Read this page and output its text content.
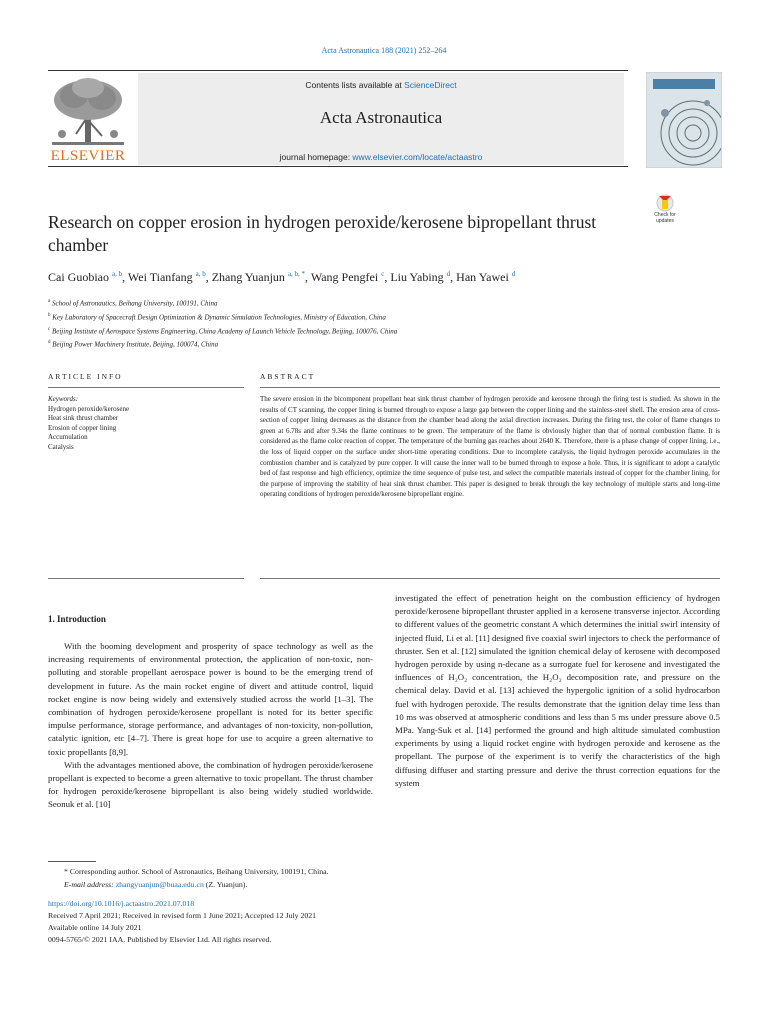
Acta Astronautica 188 (2021) 252–264
ELSEVIER
Contents lists available at ScienceDirect
Acta Astronautica
journal homepage: www.elsevier.com/locate/actaastro
Research on copper erosion in hydrogen peroxide/kerosene bipropellant thrust chamber
Check for
updates
Cai Guobiao $^{a, b}$, Wei Tianfang $^{a, b}$, Zhang Yuanjun $^{a, b, *}$, Wang Pengfei $^c$, Liu Yabing $^d$, Han Yawei $^d$
$^a$ School of Astronautics, Beihang University, 100191, China
$^b$ Key Laboratory of Spacecraft Design Optimization & Dynamic Simulation Technologies, Ministry of Education, China
$^c$ Beijing Institute of Aerospace Systems Engineering, China Academy of Launch Vehicle Technology, Beijing, 100076, China
$^d$ Beijing Power Machinery Institute, Beijing, 100074, China
ARTICLE INFO
Keywords:
Hydrogen peroxide/kerosene
Heat sink thrust chamber
Erosion of copper lining
Accumulation
Catalysis
ABSTRACT
The severe erosion in the bicomponent propellant heat sink thrust chamber of hydrogen peroxide and kerosene through the firing test is studied. As shown in the results of CT scanning, the copper lining is burned through to expose a large gap between the copper lining and the stainless-steel shell. The erosion area of cross-section of copper lining decreases as the distance from the chamber head along the axial direction increases. During the firing test, the color of flame changes to green at 6.78s and after 9.34s the flame continues to be green. The temperature of the flame is obviously higher than that of normal combustion flame. It is considered as the flame color reaction of copper. The temperature of the burning gas reaches about 2640 K. Therefore, there is a phase change of copper lining, i.e., the loss of liquid copper on the surface under short-time operating conditions. Due to incomplete catalysis, the liquid hydrogen peroxide accumulates in the combustion chamber and is catalyzed by pure copper. It will cause the inner wall to be burned through to expose a hole. Thus, it is significant to adopt a catalytic bed of fast response and high efficiency, optimize the time sequence of pulse test, and select the compatible materials instead of copper for the chamber lining, for the purpose of improving the stability of heat sink thrust chamber. This paper is designed to break through the key technology of multiple starts and long-time operating conditions of hydrogen peroxide/kerosene bipropellant engine.
1. Introduction

With the booming development and prosperity of space technology as well as the increasing requirements of environmental protection, the application of non-toxic, non-polluting and storable propellant aerospace power is bound to be the emerging trend of development in future. As the main rocket engine of divert and attitude control, liquid rocket engine is now being widely and extensively studied across the world [1–3]. The combination of hydrogen peroxide/kerosene propellant is noted for its better specific impulse performance, storage performance, and advantages of non-toxicity, non-pollution, catalytic ignition, etc [4–7]. There is great hope for use to acquire a green alternative to toxic propellants [8,9].

With the advantages mentioned above, the combination of hydrogen peroxide/kerosene propellant is expected to become a green alternative to toxic propellant. The thrust chamber for hydrogen peroxide/kerosene bipropellant is also being widely studied worldwide. Seonuk et al. [10]

investigated the effect of penetration height on the combustion efficiency of hydrogen peroxide/kerosene bipropellant thruster applied in a kerosene transverse injector. According to different values of the geometric constant A which determines the initial swirl intensity of injected fluid, Li et al. [11] designed five coaxial swirl injectors to check the performance of thruster. Sen et al. [12] simulated the ignition chemical delay of kerosene with decomposed hydrogen peroxide by using n-decane as a surrogate fuel for kerosene and investigated the influences of H₂O₂ concentration, the H₂O₂ decomposition rate, and pressure on the chemical delay. David et al. [13] achieved the hypergolic ignition of a solid hydrocarbon fuel with hydrogen peroxide. The results demonstrate that the ignition delay time less than 10 ms was observed at atmospheric conditions and less than 5 ms under pressure above 0.5 MPa. Yang-Suk et al. [14] performed the ground and high altitude simulated combustion experiments by using a liquid rocket engine with hydrogen peroxide and kerosene as the propellant. The purpose of the experiment is to verify the characteristics of the high diffusing diffuser and starting pressure and derive the thrust correction equations for the system

* Corresponding author. School of Astronautics, Beihang University, 100191, China.
E-mail address: zhangyuanjun@buaa.edu.cn (Z. Yuanjun).
https://doi.org/10.1016/j.actaastro.2021.07.018
Received 7 April 2021; Received in revised form 1 June 2021; Accepted 12 July 2021
Available online 14 July 2021
0094-5765/© 2021 IAA. Published by Elsevier Ltd. All rights reserved.
